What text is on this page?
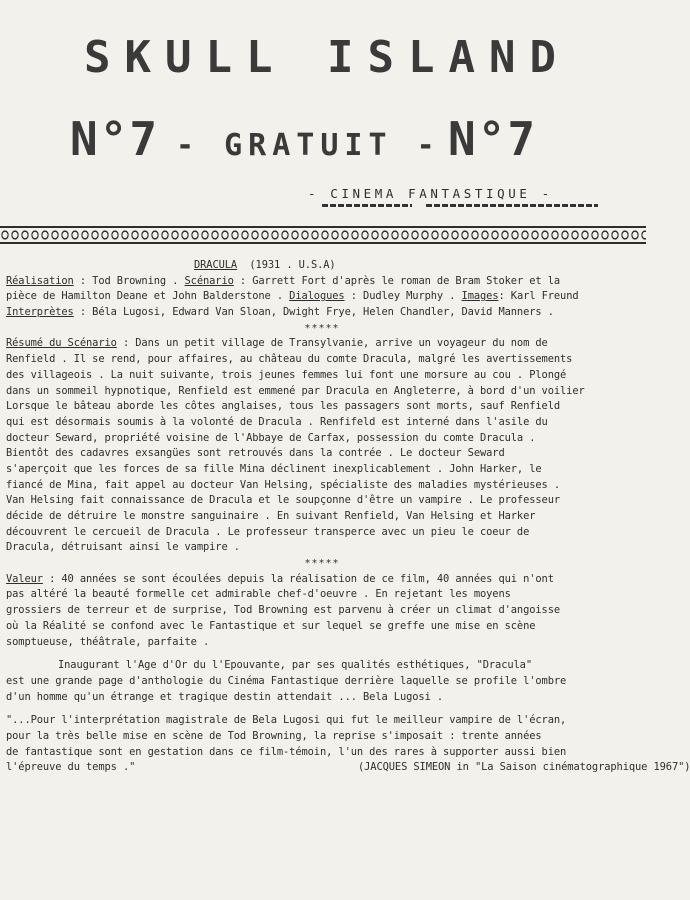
SKULL ISLAND
N°7 - GRATUIT - N°7
- CINEMA FANTASTIQUE -
DRACULA (1931 . U.S.A)
Réalisation : Tod Browning . Scénario : Garrett Fort d'après le roman de Bram Stoker et la
pièce de Hamilton Deane et John Balderstone . Dialogues : Dudley Murphy . Images: Karl Freund
Interprètes : Béla Lugosi, Edward Van Sloan, Dwight Frye, Helen Chandler, David Manners .
*****
Résumé du Scénario : Dans un petit village de Transylvanie, arrive un voyageur du nom de
Renfield . Il se rend, pour affaires, au château du comte Dracula, malgré les avertissements
des villageois . La nuit suivante, trois jeunes femmes lui font une morsure au cou . Plongé
dans un sommeil hypnotique, Renfield est emmené par Dracula en Angleterre, à bord d'un voilier
Lorsque le bâteau aborde les côtes anglaises, tous les passagers sont morts, sauf Renfield
qui est désormais soumis à la volonté de Dracula . Renfifeld est interné dans l'asile du
docteur Seward, propriété voisine de l'Abbaye de Carfax, possession du comte Dracula .
Bientôt des cadavres exsangües sont retrouvés dans la contrée . Le docteur Seward
s'aperçoit que les forces de sa fille Mina déclinent inexplicablement . John Harker, le
fiancé de Mina, fait appel au docteur Van Helsing, spécialiste des maladies mystérieuses .
Van Helsing fait connaissance de Dracula et le soupçonne d'être un vampire . Le professeur
décide de détruire le monstre sanguinaire . En suivant Renfield, Van Helsing et Harker
découvrent le cercueil de Dracula . Le professeur transperce avec un pieu le coeur de
Dracula, détruisant ainsi le vampire .
*****
Valeur : 40 années se sont écoulées depuis la réalisation de ce film, 40 années qui n'ont
pas altéré la beauté formelle cet admirable chef-d'oeuvre . En rejetant les moyens
grossiers de terreur et de surprise, Tod Browning est parvenu à créer un climat d'angoisse
où la Réalité se confond avec le Fantastique et sur lequel se greffe une mise en scène
somptueuse, théâtrale, parfaite .
Inaugurant l'Age d'Or du l'Epouvante, par ses qualités esthétiques, "Dracula"
est une grande page d'anthologie du Cinéma Fantastique derrière laquelle se profile l'ombre
d'un homme qu'un étrange et tragique destin attendait ... Bela Lugosi .
"...Pour l'interprétation magistrale de Bela Lugosi qui fut le meilleur vampire de l'écran,
pour la très belle mise en scène de Tod Browning, la reprise s'imposait : trente années
de fantastique sont en gestation dans ce film-témoin, l'un des rares à supporter aussi bien
l'épreuve du temps ."	(JACQUES SIMEON in "La Saison cinématographique 1967")
